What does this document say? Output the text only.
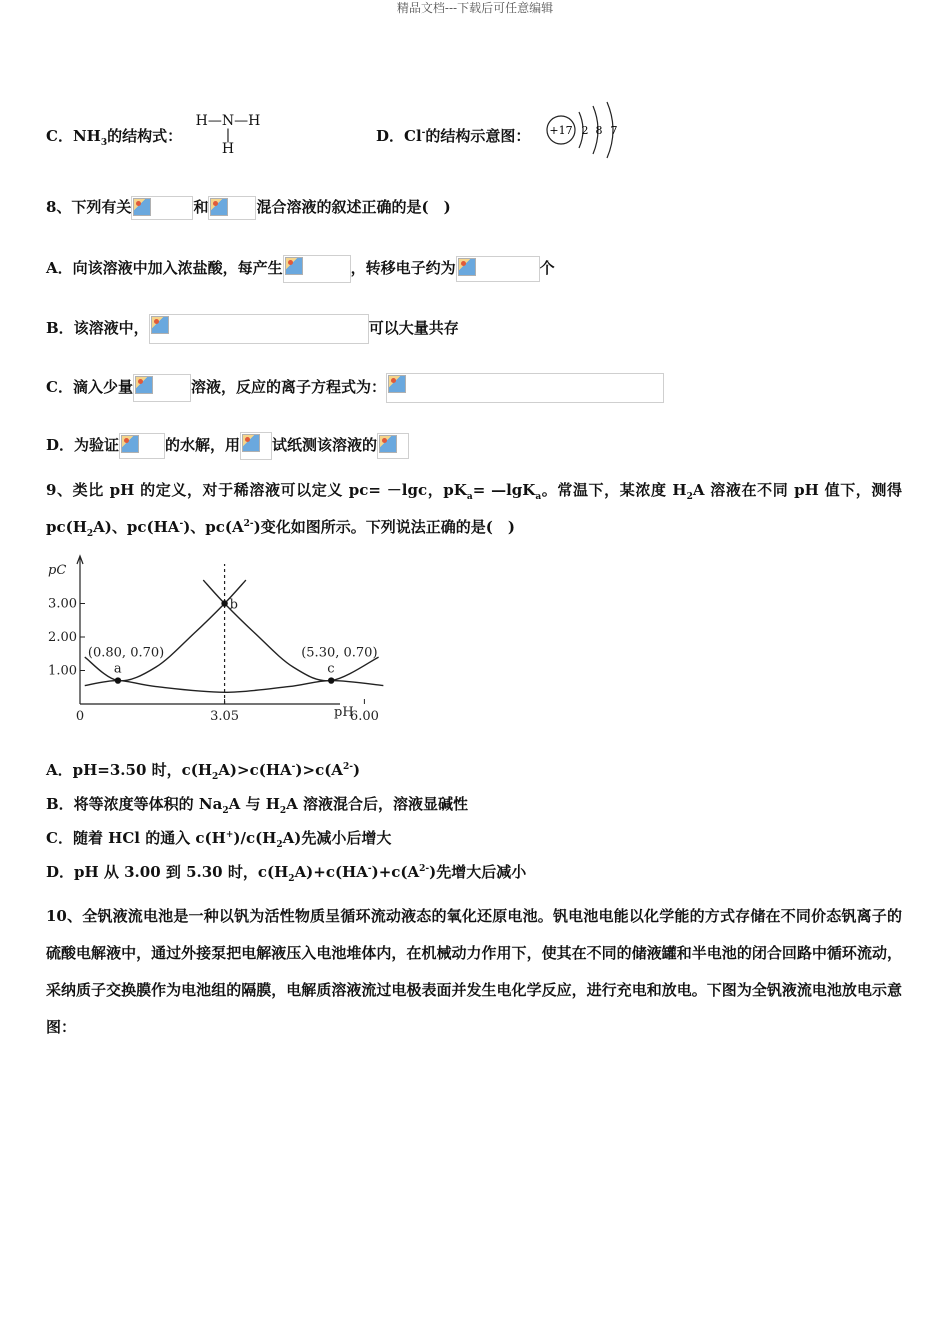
精品文档---下载后可任意编辑
C．$NH_3$的结构式：
H—N—H
|
H
D．Cl-的结构示意图： +17 2 8 7
8、下列有关	和	混合溶液的叙述正确的是(　)
A．向该溶液中加入浓盐酸，每产生	，转移电子约为	个
B．该溶液中，	可以大量共存
C．滴入少量	溶液，反应的离子方程式为：
D．为验证	的水解，用 试纸测该溶液的
9、类比 pH 的定义，对于稀溶液可以定义 pc= －lgc，$pK_a=$ —lgK$_a$。常温下，某浓度 $H_2A$ 溶液在不同 pH 值下，测得 $pc(H_2A)$、pc(HA-)、$pc(A^{2-})$变化如图所示。下列说法正确的是(　)
pC
pH
1.00
2.00
3.00
0	3.05	6.00
a
(0.80, 0.70)
b
c
(5.30, 0.70)
A．pH=3.50 时，$c(H_2A)>c(HA^-)>c(A^{2-})$
B．将等浓度等体积的 $Na_2A$ 与 $H_2A$ 溶液混合后，溶液显碱性
C．随着 HCl 的通入 $c(H^+)/c(H_2A)$先减小后增大
D．pH 从 3.00 到 5.30 时，$c(H_2A)+c(HA^-)+c(A^{2-})$先增大后减小
10、全钒液流电池是一种以钒为活性物质呈循环流动液态的氧化还原电池。钒电池电能以化学能的方式存储在不同价态钒离子的硫酸电解液中，通过外接泵把电解液压入电池堆体内，在机械动力作用下，使其在不同的储液罐和半电池的闭合回路中循环流动，采纳质子交换膜作为电池组的隔膜，电解质溶液流过电极表面并发生电化学反应，进行充电和放电。下图为全钒液流电池放电示意图：
